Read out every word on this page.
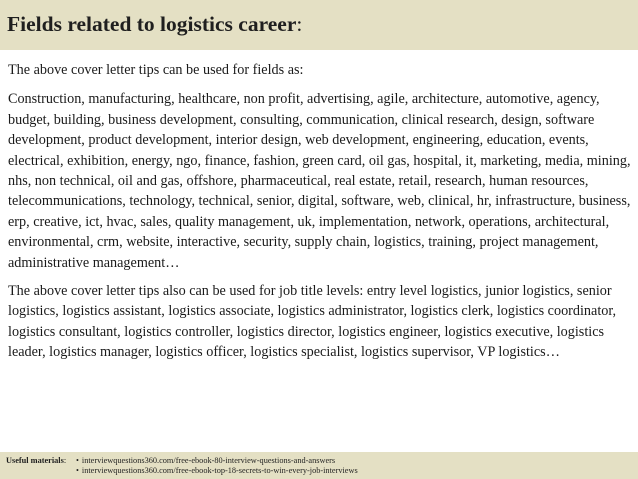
Fields related to logistics career:

The above cover letter tips can be used for fields as:

Construction, manufacturing, healthcare, non profit, advertising, agile, architecture, automotive, agency, budget, building, business development, consulting, communication, clinical research, design, software development, product development, interior design, web development, engineering, education, events, electrical, exhibition, energy, ngo, finance, fashion, green card, oil gas, hospital, it, marketing, media, mining, nhs, non technical, oil and gas, offshore, pharmaceutical, real estate, retail, research, human resources, telecommunications, technology, technical, senior, digital, software, web, clinical, hr, infrastructure, business, erp, creative, ict, hvac, sales, quality management, uk, implementation, network, operations, architectural, environmental, crm, website, interactive, security, supply chain, logistics, training, project management, administrative management…

The above cover letter tips also can be used for job title levels: entry level logistics, junior logistics, senior logistics, logistics assistant, logistics associate, logistics administrator, logistics clerk, logistics coordinator, logistics consultant, logistics controller, logistics director, logistics engineer, logistics executive, logistics leader, logistics manager, logistics officer, logistics specialist, logistics supervisor, VP logistics…

Useful materials:	• interviewquestions360.com/free-ebook-80-interview-questions-and-answers
• interviewquestions360.com/free-ebook-top-18-secrets-to-win-every-job-interviews
